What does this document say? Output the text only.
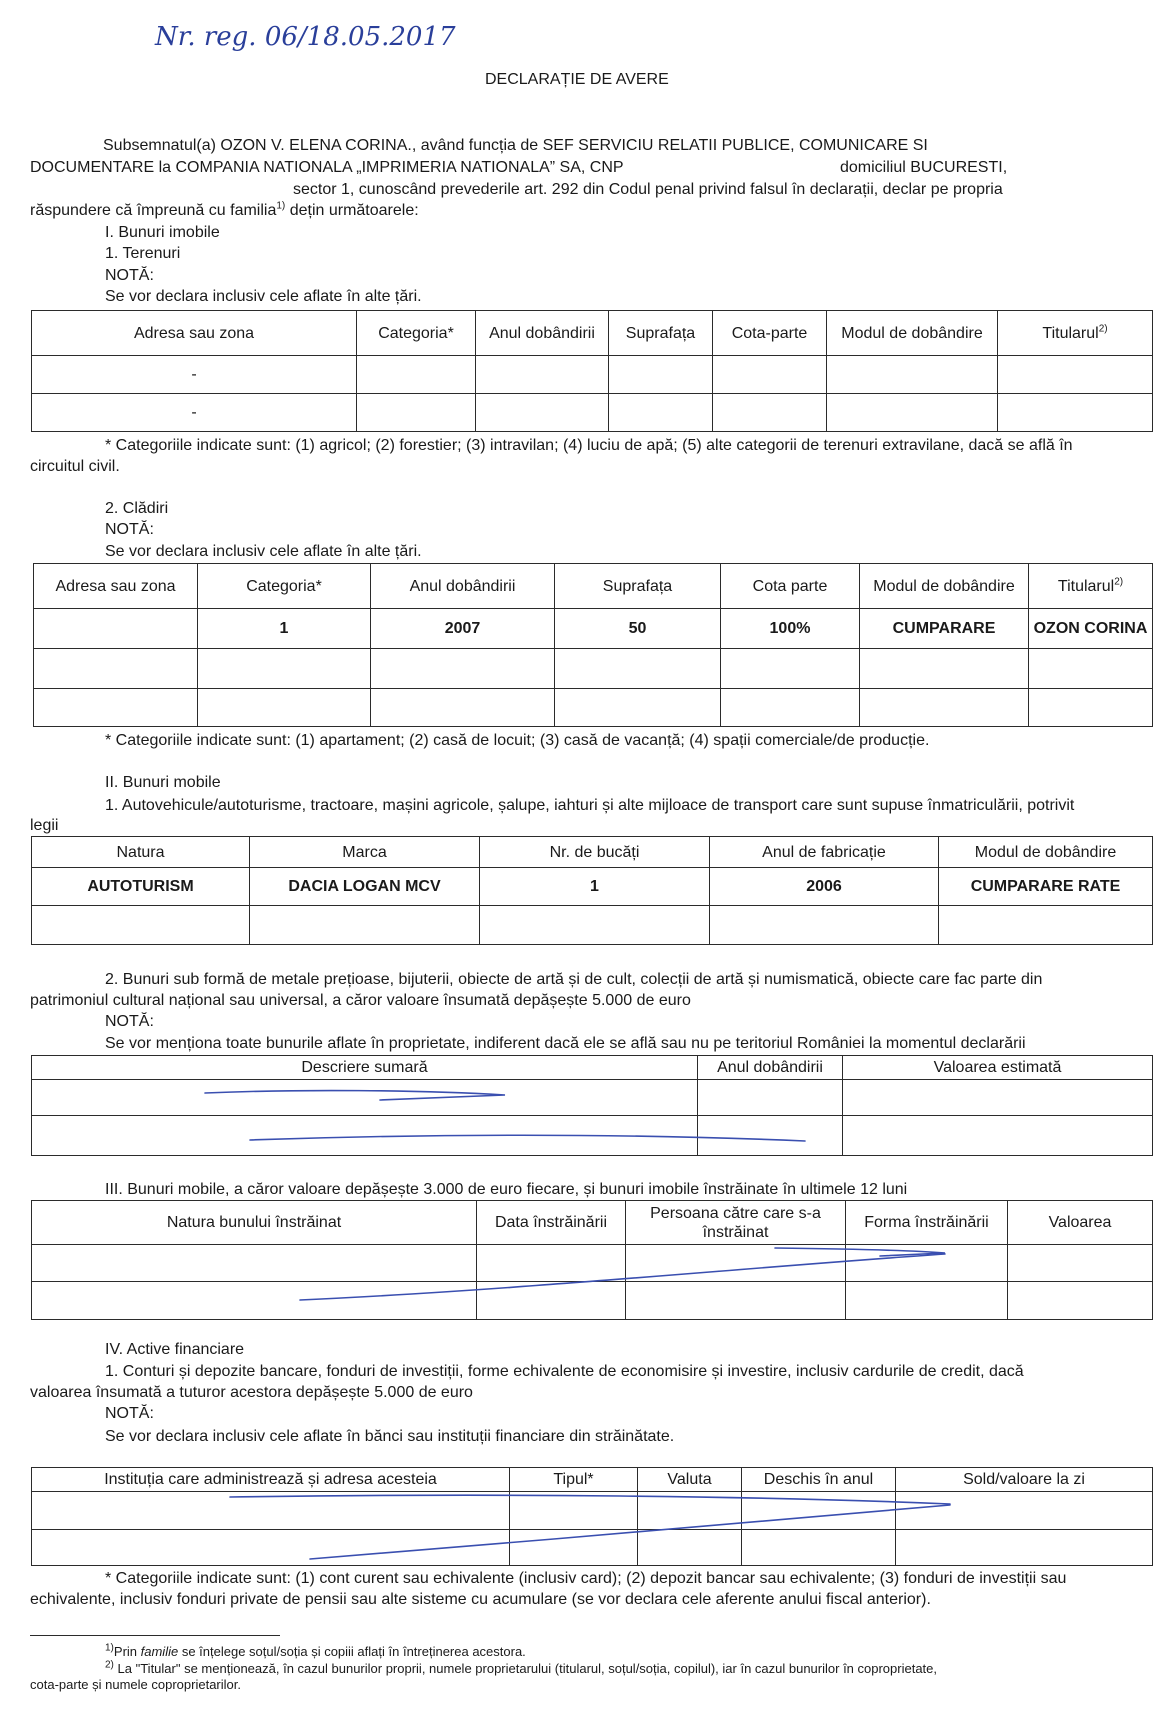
Nr. reg. 06/18.05.2017
DECLARAȚIE DE AVERE
Subsemnatul(a) OZON V. ELENA CORINA., având funcția de SEF SERVICIU RELATII PUBLICE, COMUNICARE SI
DOCUMENTARE la COMPANIA NATIONALA „IMPRIMERIA NATIONALA” SA, CNP	domiciliul BUCURESTI,
sector 1, cunoscând prevederile art. 292 din Codul penal privind falsul în declarații, declar pe propria
răspundere că împreună cu familia$^{1)}$ dețin următoarele:
I. Bunuri imobile
1. Terenuri
NOTĂ:
Se vor declara inclusiv cele aflate în alte țări.
Adresa sau zona	Categoria*	Anul dobândirii	Suprafața	Cota-parte	Modul de dobândire	Titularul$^{2)}$
-						
-						
* Categoriile indicate sunt: (1) agricol; (2) forestier; (3) intravilan; (4) luciu de apă; (5) alte categorii de terenuri extravilane, dacă se află în
circuitul civil.
2. Clădiri
NOTĂ:
Se vor declara inclusiv cele aflate în alte țări.
Adresa sau zona	Categoria*	Anul dobândirii	Suprafața	Cota parte	Modul de dobândire	Titularul$^{2)}$
	1	2007	50	100%	CUMPARARE	OZON CORINA

* Categoriile indicate sunt: (1) apartament; (2) casă de locuit; (3) casă de vacanță; (4) spații comerciale/de producție.
II. Bunuri mobile
1. Autovehicule/autoturisme, tractoare, mașini agricole, șalupe, iahturi și alte mijloace de transport care sunt supuse înmatriculării, potrivit
legii
Natura	Marca	Nr. de bucăți	Anul de fabricație	Modul de dobândire
AUTOTURISM	DACIA LOGAN MCV	1	2006	CUMPARARE RATE

2. Bunuri sub formă de metale prețioase, bijuterii, obiecte de artă și de cult, colecții de artă și numismatică, obiecte care fac parte din
patrimoniul cultural național sau universal, a căror valoare însumată depășește 5.000 de euro
NOTĂ:
Se vor menționa toate bunurile aflate în proprietate, indiferent dacă ele se află sau nu pe teritoriul României la momentul declarării
Descriere sumară	Anul dobândirii	Valoarea estimată

III. Bunuri mobile, a căror valoare depășește 3.000 de euro fiecare, și bunuri imobile înstrăinate în ultimele 12 luni
Natura bunului înstrăinat	Data înstrăinării	Persoana către care s-a înstrăinat	Forma înstrăinării	Valoarea

IV. Active financiare
1. Conturi și depozite bancare, fonduri de investiții, forme echivalente de economisire și investire, inclusiv cardurile de credit, dacă
valoarea însumată a tuturor acestora depășește 5.000 de euro
NOTĂ:
Se vor declara inclusiv cele aflate în bănci sau instituții financiare din străinătate.
Instituția care administrează și adresa acesteia	Tipul*	Valuta	Deschis în anul	Sold/valoare la zi

* Categoriile indicate sunt: (1) cont curent sau echivalente (inclusiv card); (2) depozit bancar sau echivalente; (3) fonduri de investiții sau
echivalente, inclusiv fonduri private de pensii sau alte sisteme cu acumulare (se vor declara cele aferente anului fiscal anterior).
$^{1)}$Prin familie se înțelege soțul/soția și copiii aflați în întreținerea acestora.
$^{2)}$ La "Titular" se menționează, în cazul bunurilor proprii, numele proprietarului (titularul, soțul/soția, copilul), iar în cazul bunurilor în coproprietate,
cota-parte și numele coproprietarilor.
